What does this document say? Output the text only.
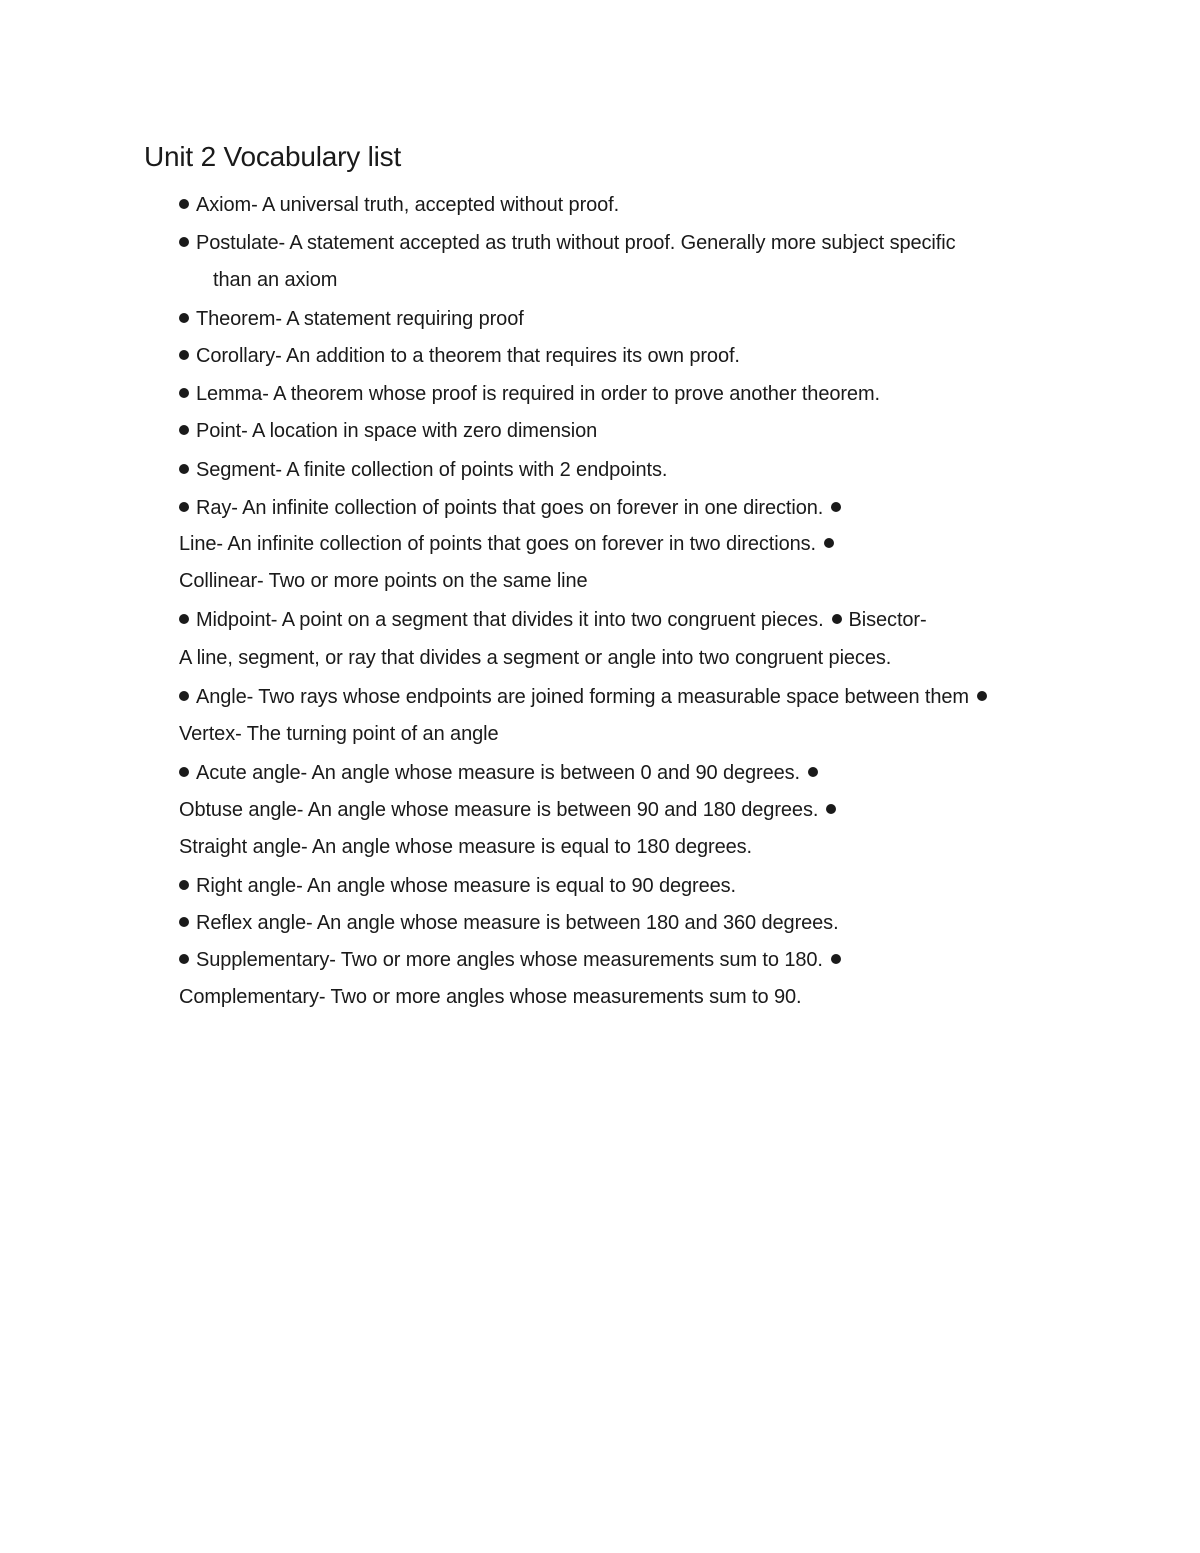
Unit 2 Vocabulary list

Axiom- A universal truth, accepted without proof.

Postulate- A statement accepted as truth without proof. Generally more subject specific

than an axiom

Theorem- A statement requiring proof

Corollary- An addition to a theorem that requires its own proof.

Lemma- A theorem whose proof is required in order to prove another theorem.

Point- A location in space with zero dimension

Segment- A finite collection of points with 2 endpoints.

Ray- An infinite collection of points that goes on forever in one direction.

Line- An infinite collection of points that goes on forever in two directions.

Collinear- Two or more points on the same line

Midpoint- A point on a segment that divides it into two congruent pieces. Bisector-

A line, segment, or ray that divides a segment or angle into two congruent pieces.

Angle- Two rays whose endpoints are joined forming a measurable space between them

Vertex- The turning point of an angle

Acute angle- An angle whose measure is between 0 and 90 degrees.

Obtuse angle- An angle whose measure is between 90 and 180 degrees.

Straight angle- An angle whose measure is equal to 180 degrees.

Right angle- An angle whose measure is equal to 90 degrees.

Reflex angle- An angle whose measure is between 180 and 360 degrees.

Supplementary- Two or more angles whose measurements sum to 180.

Complementary- Two or more angles whose measurements sum to 90.
